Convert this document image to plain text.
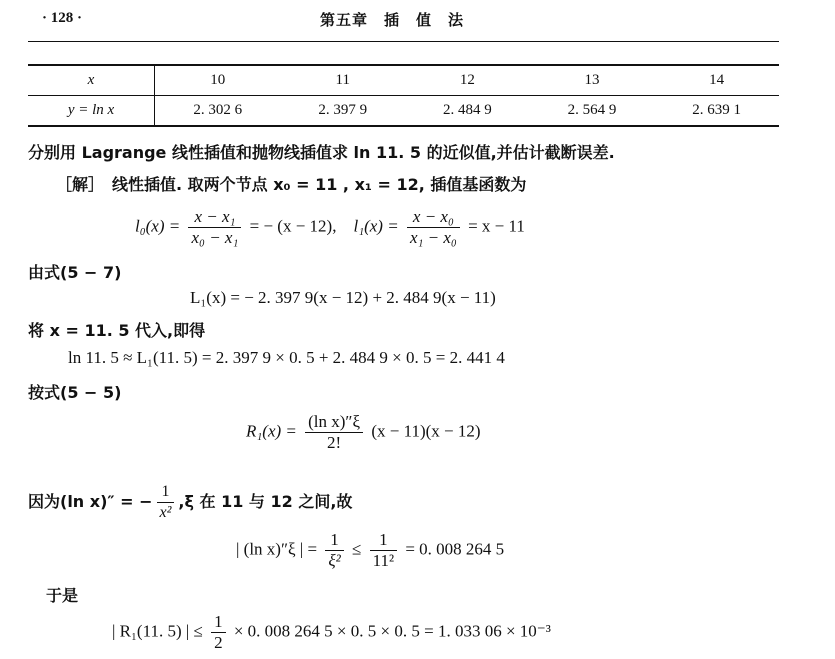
· 128 ·	第五章　插　值　法
x	10	11	12	13	14
y = ln x	2. 302 6	2. 397 9	2. 484 9	2. 564 9	2. 639 1
分别用 Lagrange 线性插值和抛物线插值求 ln 11. 5 的近似值,并估计截断误差.
［解］　线性插值. 取两个节点 x₀ = 11 , x₁ = 12, 插值基函数为
$l_0(x) = \frac{\text{x − x₁}}{\text{x₀ − x₁}}$ = − (x − 12), $l_1(x) = \frac{\text{x − x₀}}{\text{x₁ − x₀}} = x - 11$
由式(5 − 7)
L₁(x) = − 2. 397 9(x − 12) + 2. 484 9(x − 11)
将 x = 11. 5 代入,即得
ln 11. 5 ≈ L₁(11. 5) = 2. 397 9 × 0. 5 + 2. 484 9 × 0. 5 = 2. 441 4
按式(5 − 5)
$R_1(x) = \frac{\text{(ln x)″ξ}}{2!} (x - 11)(x - 12)$
因为(ln x)″ = − $\frac{1}{\text{x²}} ,\xi$ 在 11 与 12 之间,故
| (ln x)″ξ | = $\frac{1}{\text{ξ²}} \le \frac{1}{\text{11²}} = 0$. 008 264 5
于是
| R₁(11. 5) | ≤ $\frac{1}{2} \times 0$. 008 264 5 × 0. 5 × 0. 5 = 1. 033 06 × 10⁻³
